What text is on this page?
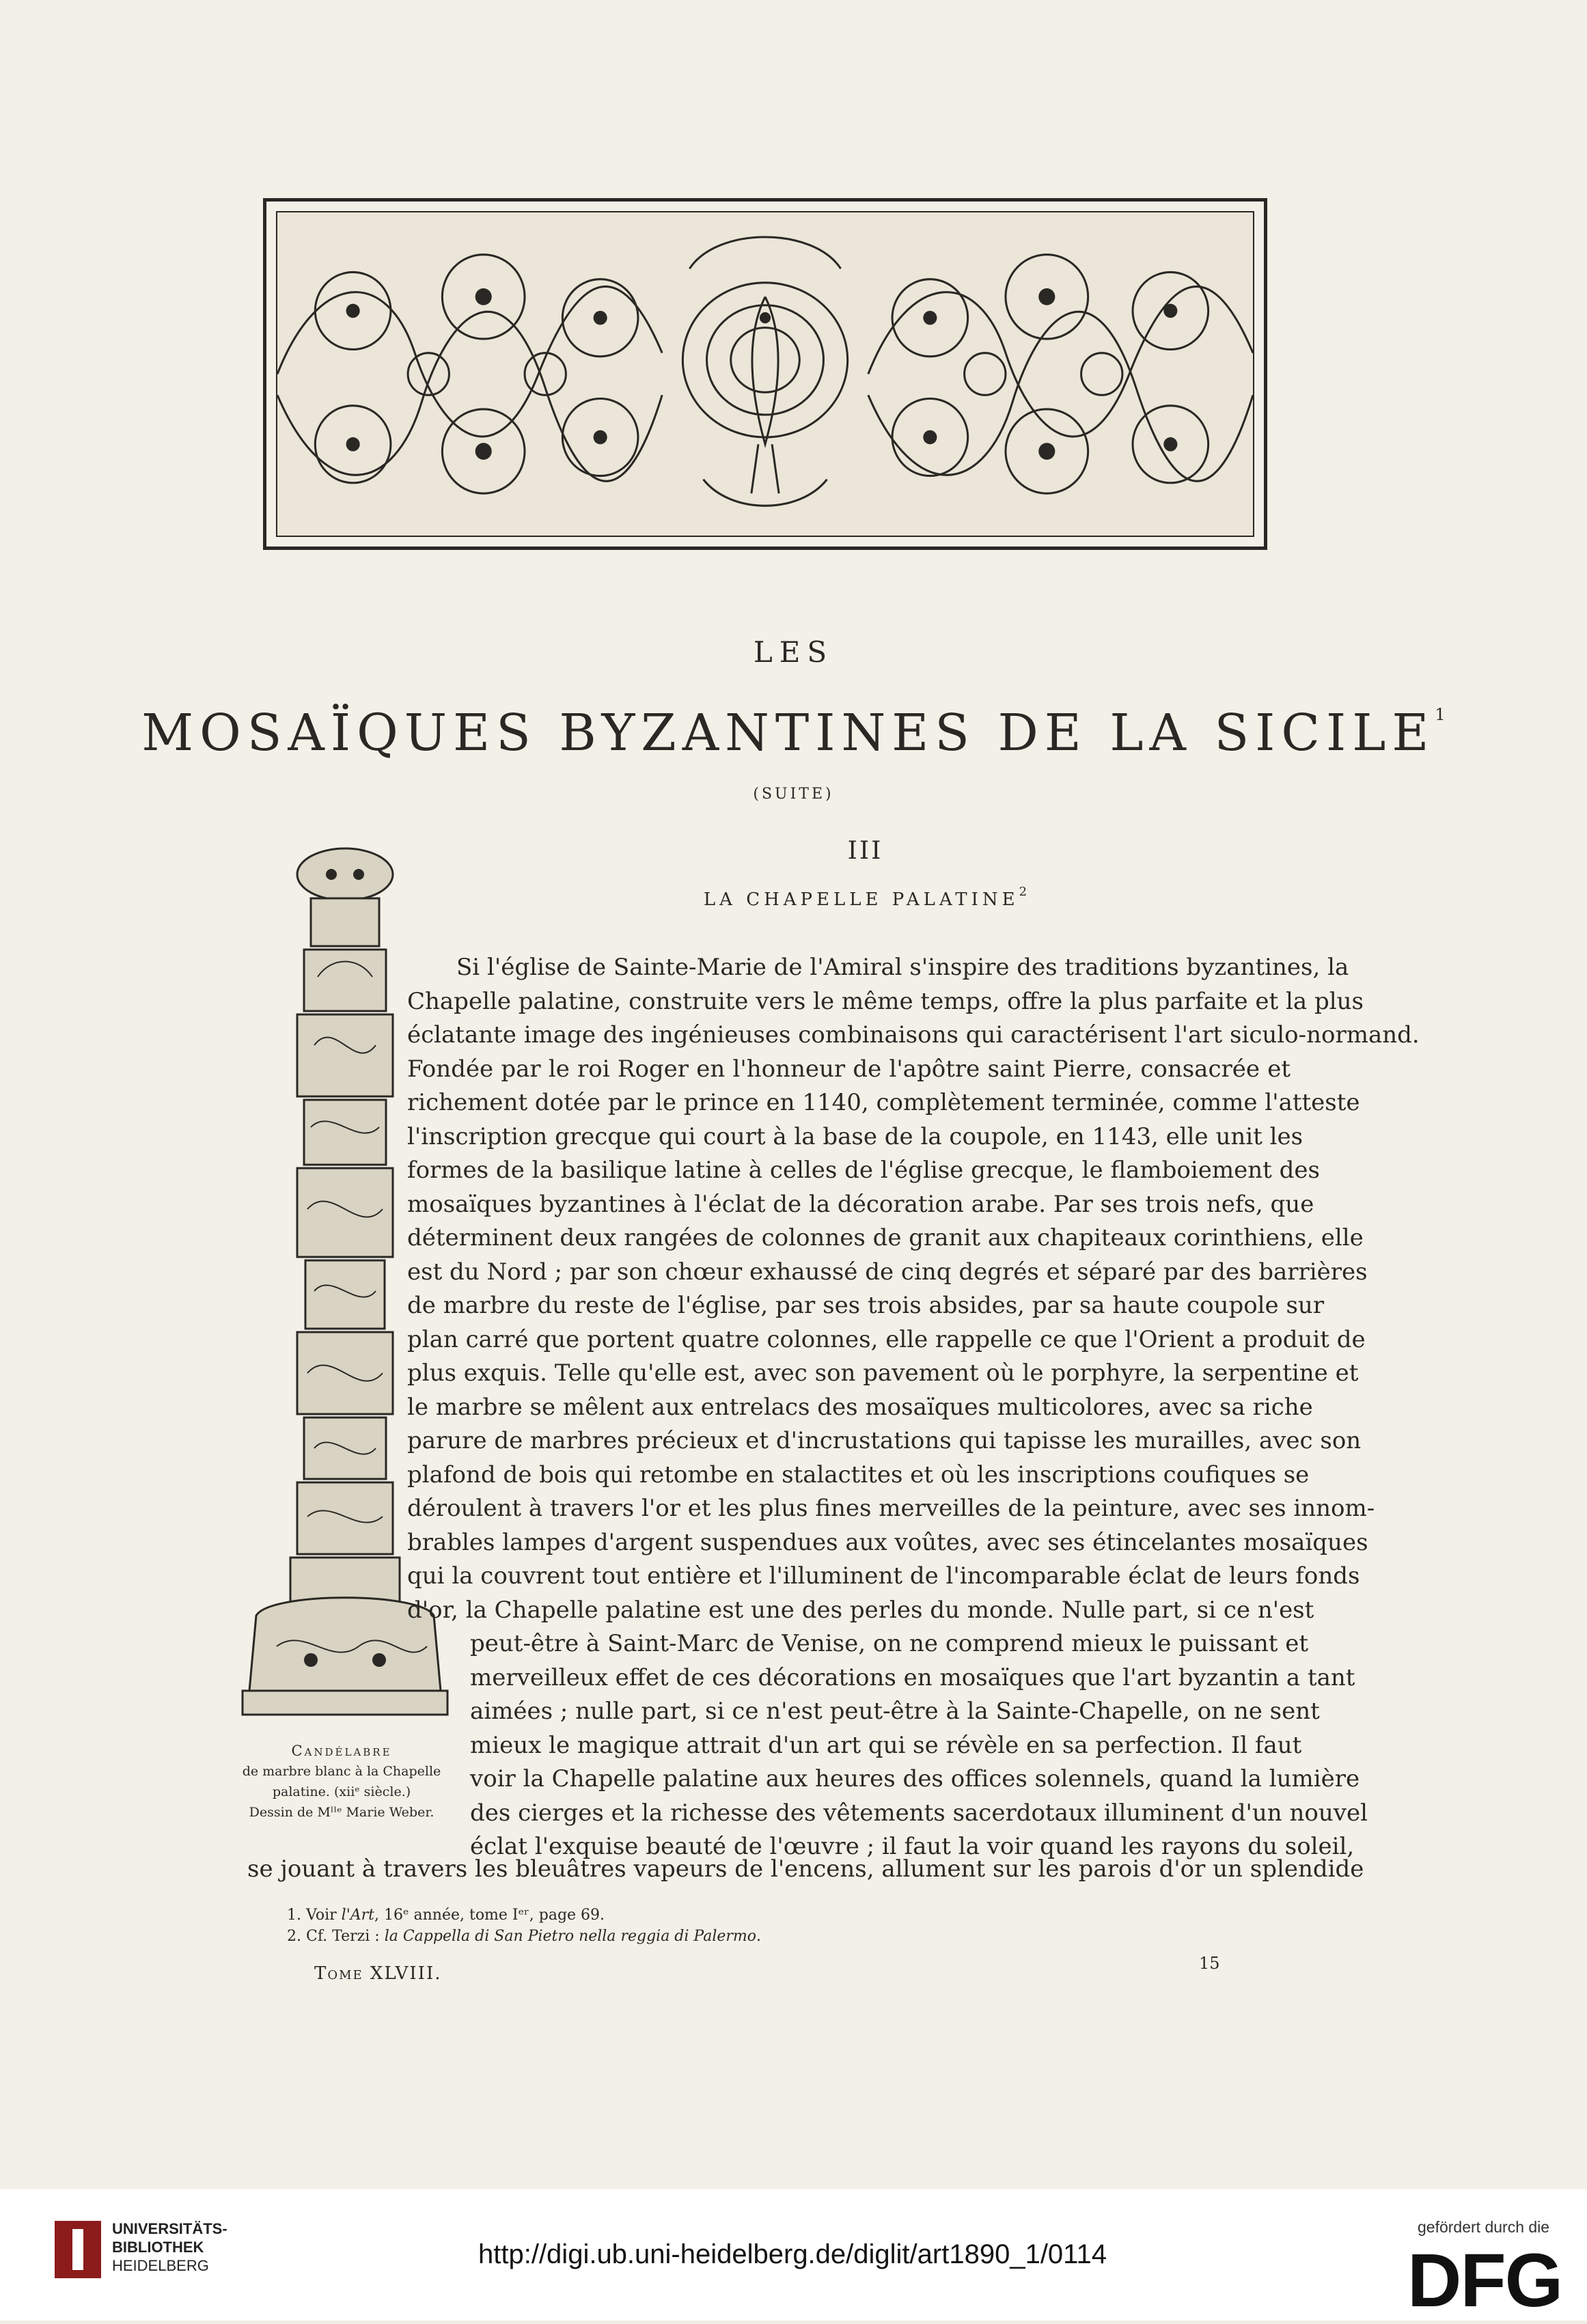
LES
MOSAÏQUES BYZANTINES DE LA SICILE$^1$
(SUITE)
III
LA CHAPELLE PALATINE$^2$
Candélabre
de marbre blanc à la Chapelle
palatine. (xiiᵉ siècle.)
Dessin de Mˡˡᵉ Marie Weber.
Si l'église de Sainte-Marie de l'Amiral s'inspire des traditions byzantines, la
Chapelle palatine, construite vers le même temps, offre la plus parfaite et la plus
éclatante image des ingénieuses combinaisons qui caractérisent l'art siculo-normand.
Fondée par le roi Roger en l'honneur de l'apôtre saint Pierre, consacrée et
richement dotée par le prince en 1140, complètement terminée, comme l'atteste
l'inscription grecque qui court à la base de la coupole, en 1143, elle unit les
formes de la basilique latine à celles de l'église grecque, le flamboiement des
mosaïques byzantines à l'éclat de la décoration arabe. Par ses trois nefs, que
déterminent deux rangées de colonnes de granit aux chapiteaux corinthiens, elle
est du Nord ; par son chœur exhaussé de cinq degrés et séparé par des barrières
de marbre du reste de l'église, par ses trois absides, par sa haute coupole sur
plan carré que portent quatre colonnes, elle rappelle ce que l'Orient a produit de
plus exquis. Telle qu'elle est, avec son pavement où le porphyre, la serpentine et
le marbre se mêlent aux entrelacs des mosaïques multicolores, avec sa riche
parure de marbres précieux et d'incrustations qui tapisse les murailles, avec son
plafond de bois qui retombe en stalactites et où les inscriptions coufiques se
déroulent à travers l'or et les plus fines merveilles de la peinture, avec ses innom-
brables lampes d'argent suspendues aux voûtes, avec ses étincelantes mosaïques
qui la couvrent tout entière et l'illuminent de l'incomparable éclat de leurs fonds
d'or, la Chapelle palatine est une des perles du monde. Nulle part, si ce n'est
peut-être à Saint-Marc de Venise, on ne comprend mieux le puissant et
merveilleux effet de ces décorations en mosaïques que l'art byzantin a tant
aimées ; nulle part, si ce n'est peut-être à la Sainte-Chapelle, on ne sent
mieux le magique attrait d'un art qui se révèle en sa perfection. Il faut
voir la Chapelle palatine aux heures des offices solennels, quand la lumière
des cierges et la richesse des vêtements sacerdotaux illuminent d'un nouvel
éclat l'exquise beauté de l'œuvre ; il faut la voir quand les rayons du soleil,
se jouant à travers les bleuâtres vapeurs de l'encens, allument sur les parois d'or un splendide
1. Voir l'Art, 16ᵉ année, tome Iᵉʳ, page 69.
2. Cf. Terzi : la Cappella di San Pietro nella reggia di Palermo.
Tome XLVIII.	15
UNIVERSITÄTS-
BIBLIOTHEK
HEIDELBERG	http://digi.ub.uni-heidelberg.de/diglit/art1890_1/0114
gefördert durch die
DFG
